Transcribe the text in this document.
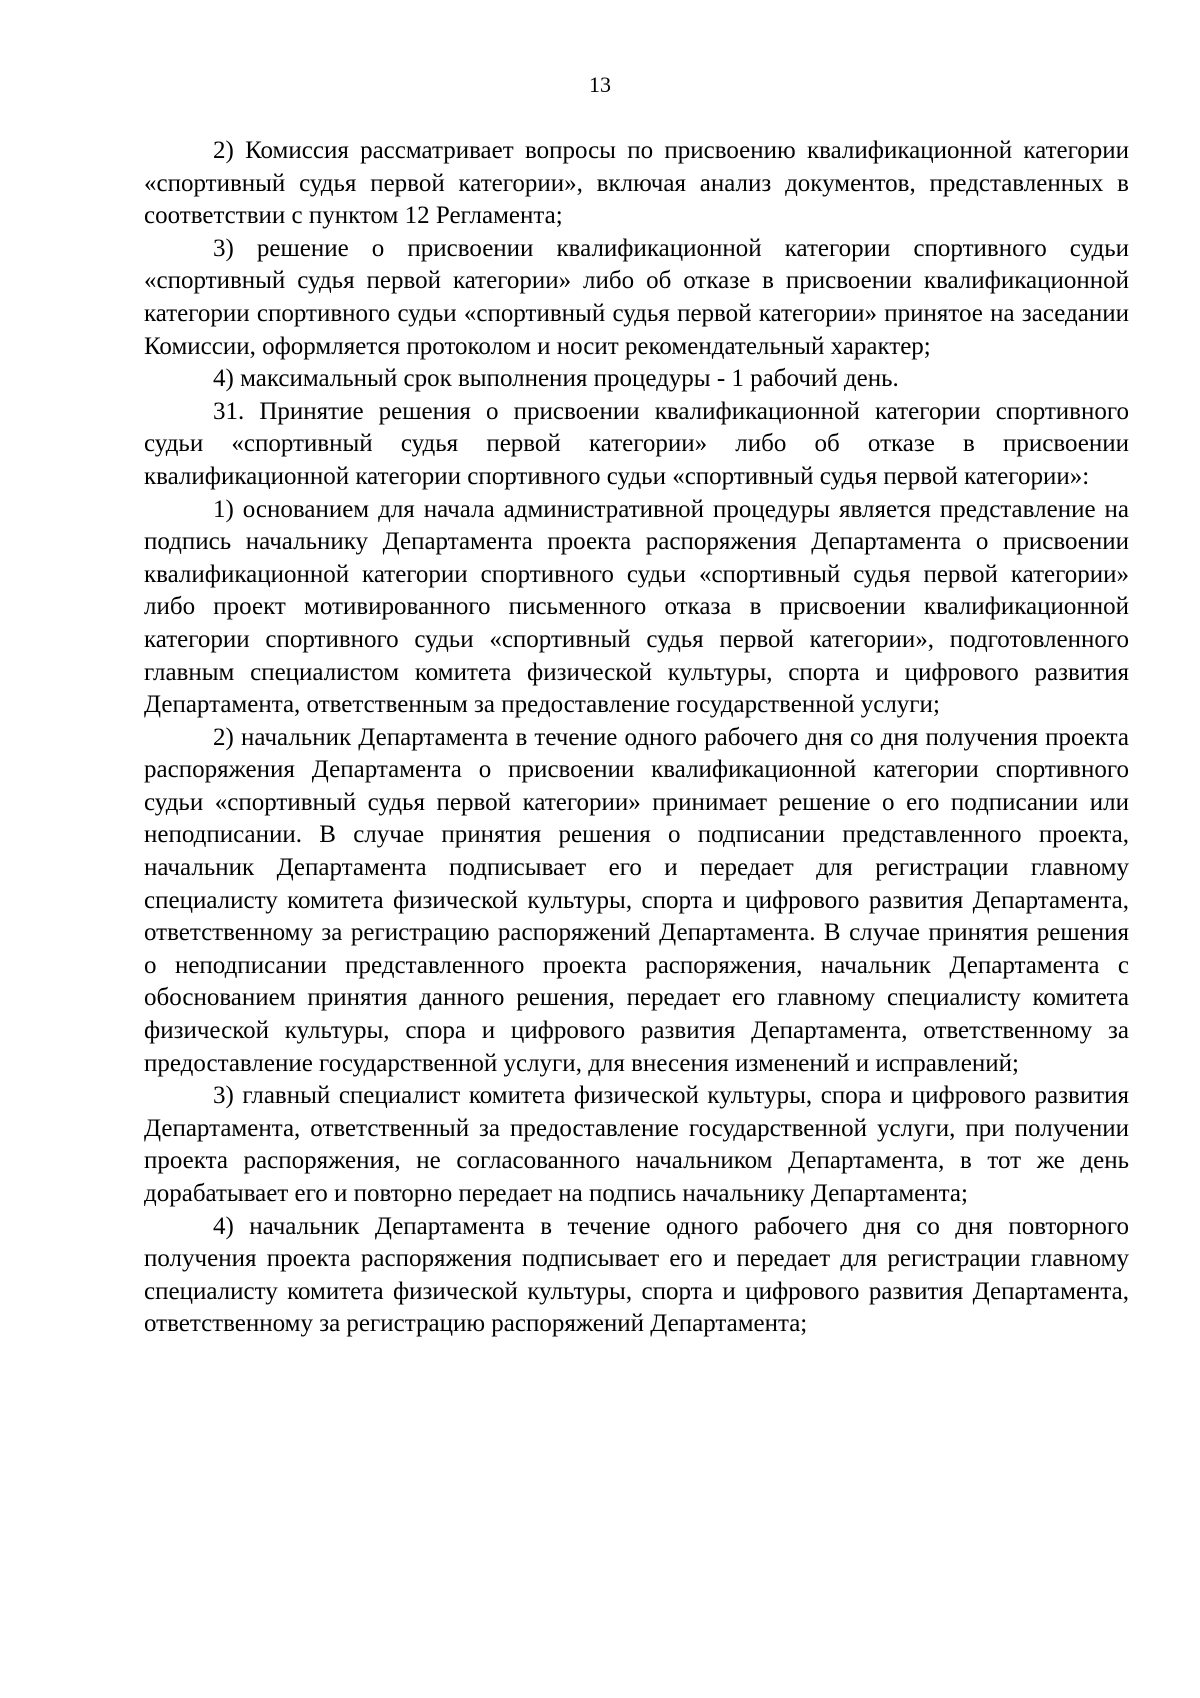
13

2) Комиссия рассматривает вопросы по присвоению квалификационной категории «спортивный судья первой категории», включая анализ документов, представленных в соответствии с пунктом 12 Регламента;

3) решение о присвоении квалификационной категории спортивного судьи «спортивный судья первой категории» либо об отказе в присвоении квалификационной категории спортивного судьи «спортивный судья первой категории» принятое на заседании Комиссии, оформляется протоколом и носит рекомендательный характер;

4) максимальный срок выполнения процедуры - 1 рабочий день.

31. Принятие решения о присвоении квалификационной категории спортивного судьи «спортивный судья первой категории» либо об отказе в присвоении квалификационной категории спортивного судьи «спортивный судья первой категории»:

1) основанием для начала административной процедуры является представление на подпись начальнику Департамента проекта распоряжения Департамента о присвоении квалификационной категории спортивного судьи «спортивный судья первой категории» либо проект мотивированного письменного отказа в присвоении квалификационной категории спортивного судьи «спортивный судья первой категории», подготовленного главным специалистом комитета физической культуры, спорта и цифрового развития Департамента, ответственным за предоставление государственной услуги;

2) начальник Департамента в течение одного рабочего дня со дня получения проекта распоряжения Департамента о присвоении квалификационной категории спортивного судьи «спортивный судья первой категории» принимает решение о его подписании или неподписании. В случае принятия решения о подписании представленного проекта, начальник Департамента подписывает его и передает для регистрации главному специалисту комитета физической культуры, спорта и цифрового развития Департамента, ответственному за регистрацию распоряжений Департамента. В случае принятия решения о неподписании представленного проекта распоряжения, начальник Департамента с обоснованием принятия данного решения, передает его главному специалисту комитета физической культуры, спора и цифрового развития Департамента, ответственному за предоставление государственной услуги, для внесения изменений и исправлений;

3) главный специалист комитета физической культуры, спора и цифрового развития Департамента, ответственный за предоставление государственной услуги, при получении проекта распоряжения, не согласованного начальником Департамента, в тот же день дорабатывает его и повторно передает на подпись начальнику Департамента;

4) начальник Департамента в течение одного рабочего дня со дня повторного получения проекта распоряжения подписывает его и передает для регистрации главному специалисту комитета физической культуры, спорта и цифрового развития Департамента, ответственному за регистрацию распоряжений Департамента;
